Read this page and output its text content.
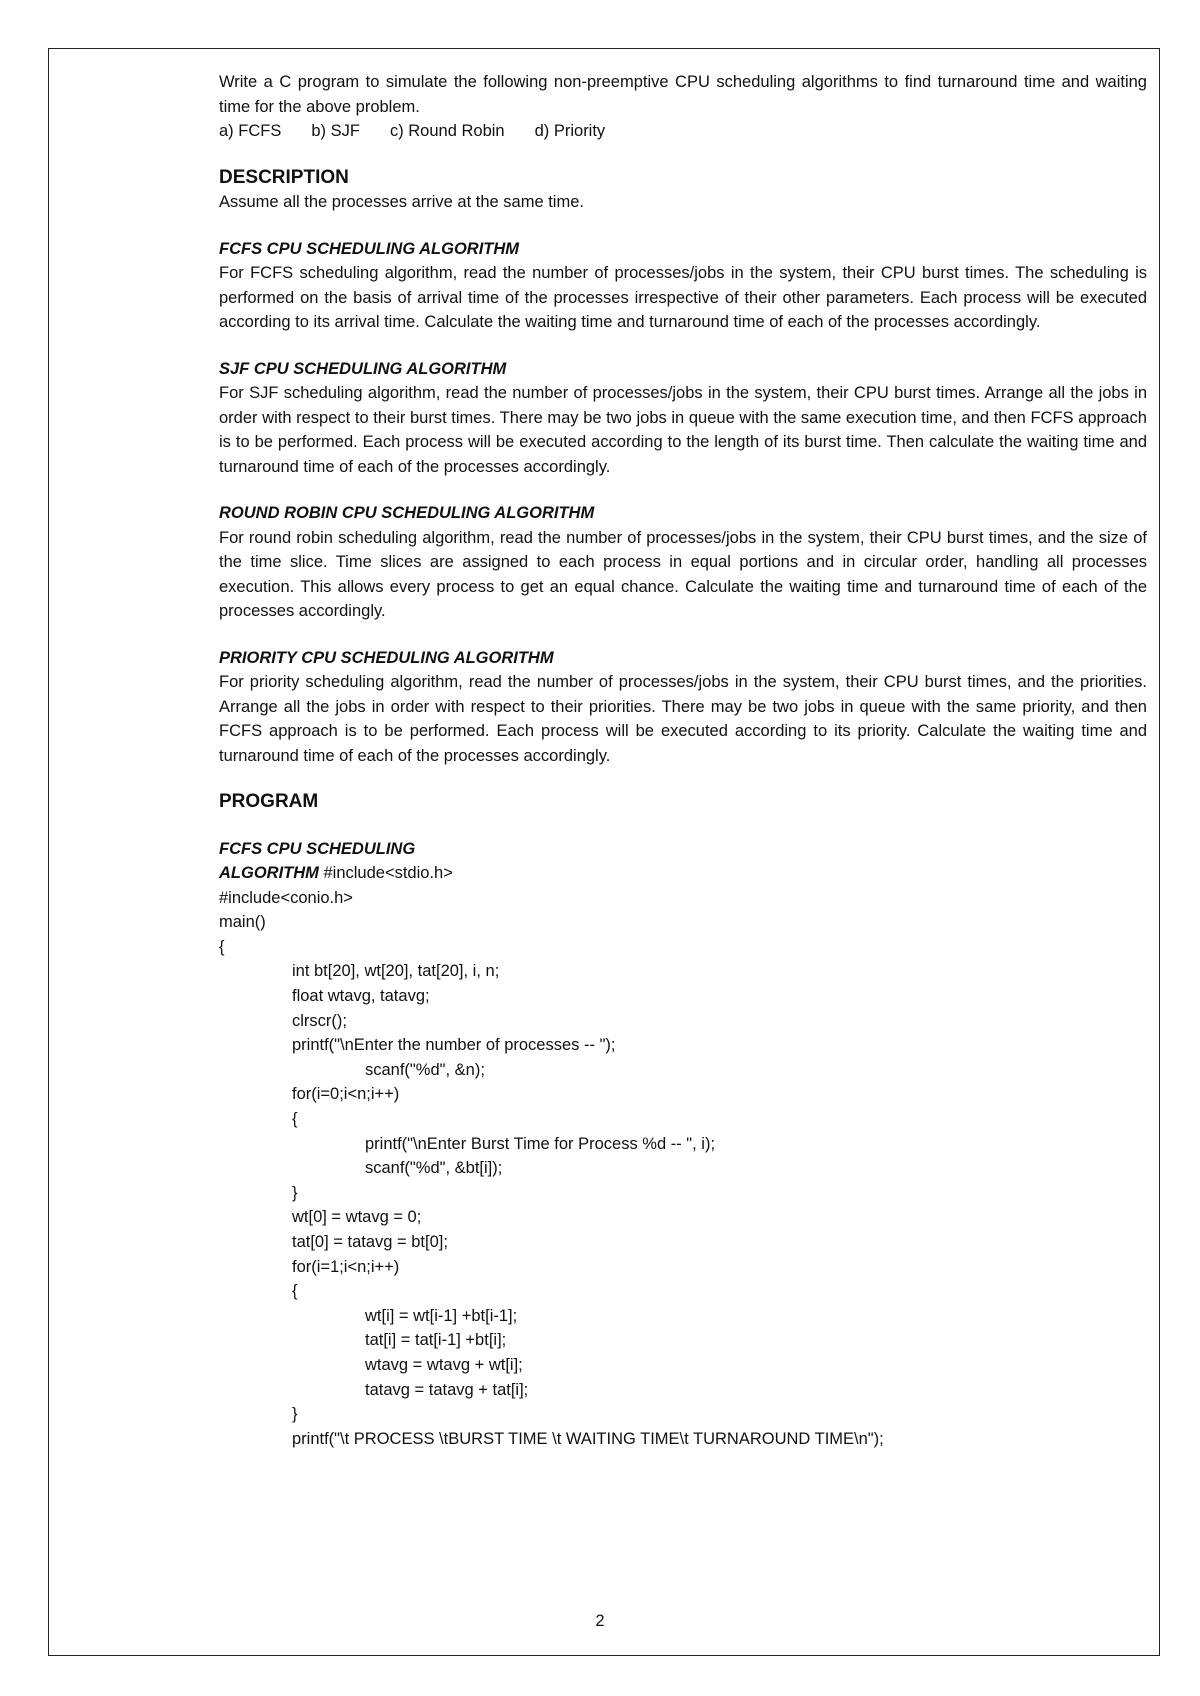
Write a C program to simulate the following non-preemptive CPU scheduling algorithms to find turnaround time and waiting time for the above problem.

a) FCFS b) SJF c) Round Robin d) Priority

DESCRIPTION

Assume all the processes arrive at the same time.

FCFS CPU SCHEDULING ALGORITHM

For FCFS scheduling algorithm, read the number of processes/jobs in the system, their CPU burst times. The scheduling is performed on the basis of arrival time of the processes irrespective of their other parameters. Each process will be executed according to its arrival time. Calculate the waiting time and turnaround time of each of the processes accordingly.

SJF CPU SCHEDULING ALGORITHM

For SJF scheduling algorithm, read the number of processes/jobs in the system, their CPU burst times. Arrange all the jobs in order with respect to their burst times. There may be two jobs in queue with the same execution time, and then FCFS approach is to be performed. Each process will be executed according to the length of its burst time. Then calculate the waiting time and turnaround time of each of the processes accordingly.

ROUND ROBIN CPU SCHEDULING ALGORITHM

For round robin scheduling algorithm, read the number of processes/jobs in the system, their CPU burst times, and the size of the time slice. Time slices are assigned to each process in equal portions and in circular order, handling all processes execution. This allows every process to get an equal chance. Calculate the waiting time and turnaround time of each of the processes accordingly.

PRIORITY CPU SCHEDULING ALGORITHM

For priority scheduling algorithm, read the number of processes/jobs in the system, their CPU burst times, and the priorities. Arrange all the jobs in order with respect to their priorities. There may be two jobs in queue with the same priority, and then FCFS approach is to be performed. Each process will be executed according to its priority. Calculate the waiting time and turnaround time of each of the processes accordingly.

PROGRAM

FCFS CPU SCHEDULING
ALGORITHM #include<stdio.h>
#include<conio.h>
main()
{
int bt[20], wt[20], tat[20], i, n;
float wtavg, tatavg;
clrscr();
printf("\nEnter the number of processes -- ");
scanf("%d", &n);
for(i=0;i<n;i++)
{
printf("\nEnter Burst Time for Process %d -- ", i);
scanf("%d", &bt[i]);
}
wt[0] = wtavg = 0;
tat[0] = tatavg = bt[0];
for(i=1;i<n;i++)
{
wt[i] = wt[i-1] +bt[i-1];
tat[i] = tat[i-1] +bt[i];
wtavg = wtavg + wt[i];
tatavg = tatavg + tat[i];
}
printf("\t PROCESS \tBURST TIME \t WAITING TIME\t TURNAROUND TIME\n");
2
